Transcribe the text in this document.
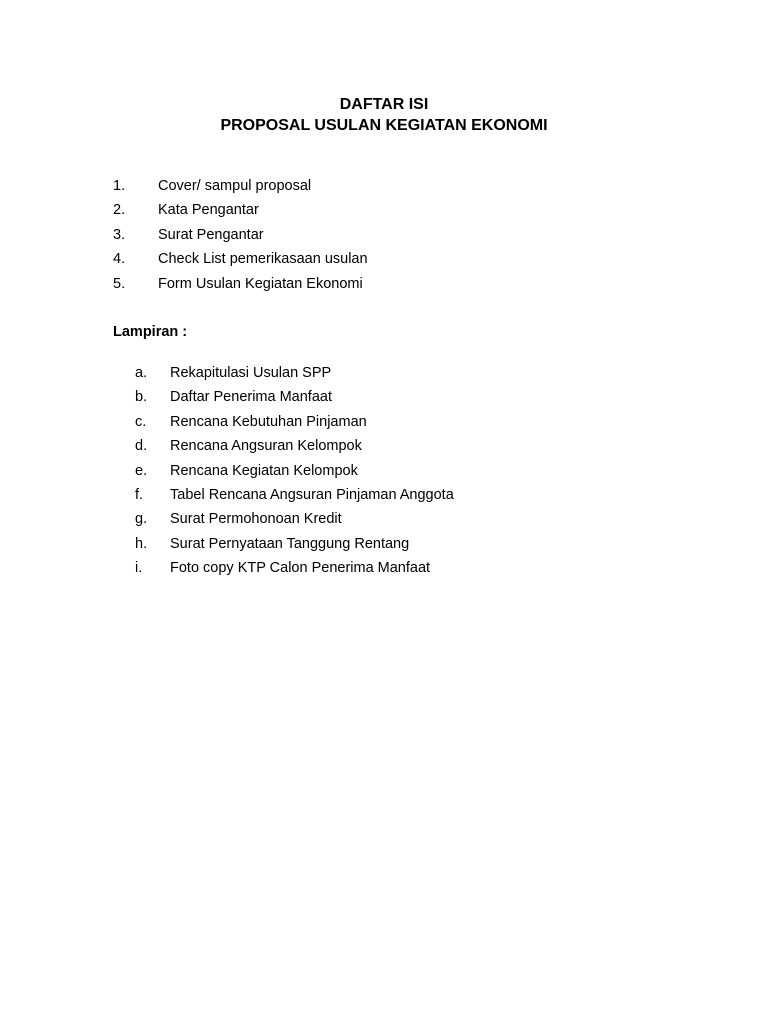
DAFTAR ISI
PROPOSAL USULAN KEGIATAN EKONOMI
1. Cover/ sampul proposal
2. Kata Pengantar
3. Surat Pengantar
4. Check List pemerikasaan usulan
5. Form Usulan Kegiatan Ekonomi
Lampiran :
a. Rekapitulasi Usulan SPP
b. Daftar Penerima Manfaat
c. Rencana Kebutuhan Pinjaman
d. Rencana Angsuran Kelompok
e. Rencana Kegiatan Kelompok
f. Tabel Rencana Angsuran Pinjaman Anggota
g. Surat Permohonoan Kredit
h. Surat Pernyataan Tanggung Rentang
i. Foto copy KTP Calon Penerima Manfaat
